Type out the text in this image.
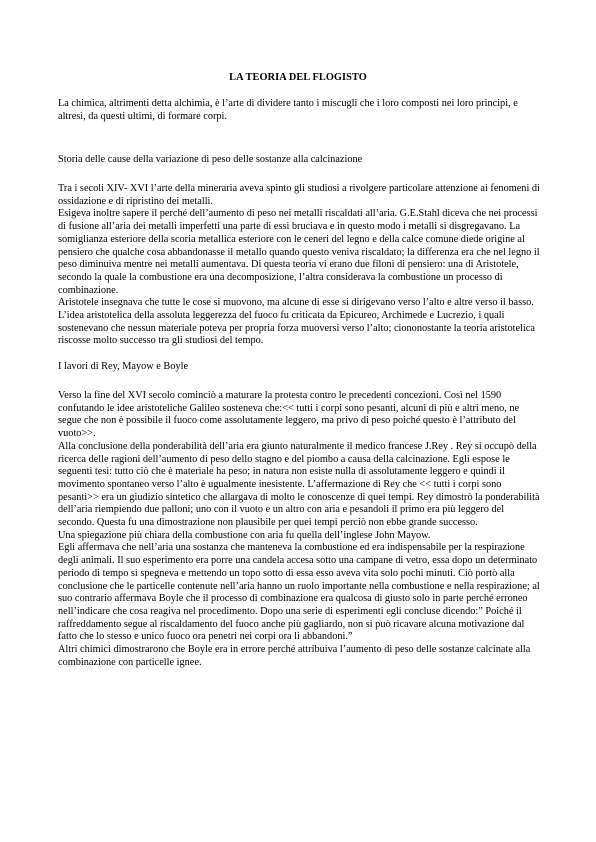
LA TEORIA DEL FLOGISTO

La chimica, altrimenti detta alchimia, è l’arte di dividere tanto i miscugli che i loro composti nei loro principi, e altresì, da questi ultimi, di formare corpi.

Storia delle cause della variazione di peso delle sostanze alla calcinazione

Tra i secoli XIV- XVI l’arte della mineraria aveva spinto gli studiosi a rivolgere particolare attenzione ai fenomeni di ossidazione e di ripristino dei metalli.

Esigeva inoltre sapere il perché dell’aumento di peso nei metalli riscaldati all’aria. G.E.Stahl diceva che nei processi di fusione all’aria dei metalli imperfetti una parte di essi bruciava e in questo modo i metalli si disgregavano. La somiglianza esteriore della scoria metallica esteriore con le ceneri del legno e della calce comune diede origine al pensiero che qualche cosa abbandonasse il metallo quando questo veniva riscaldato; la differenza era che nel legno il peso diminuiva mentre nei metalli aumentava. Di questa teoria vi erano due filoni di pensiero: una di Aristotele, secondo la quale la combustione era una decomposizione, l’altra considerava la combustione un processo di combinazione.

Aristotele insegnava che tutte le cose si muovono, ma alcune di esse si dirigevano verso l’alto e altre verso il basso. L’idea aristotelica della assoluta leggerezza del fuoco fu criticata da Epicureo, Archimede e Lucrezio, i quali sostenevano che nessun materiale poteva per propria forza muoversi verso l’alto; ciononostante la teoria aristotelica riscosse molto successo tra gli studiosi del tempo.

I lavori di Rey, Mayow e Boyle

Verso la fine del XVI secolo cominciò a maturare la protesta contro le precedenti concezioni. Così nel 1590 confutando le idee aristoteliche Galileo sosteneva che:<< tutti i corpi sono pesanti, alcuni di più e altri meno, ne segue che non è possibile il fuoco come assolutamente leggero, ma privo di peso poiché questo è l’attributo del vuoto>>.

Alla conclusione della ponderabilità dell’aria era giunto naturalmente il medico francese J.Rey . Rey si occupò della ricerca delle ragioni dell’aumento di peso dello stagno e del piombo a causa della calcinazione. Egli espose le seguenti tesi: tutto ciò che è materiale ha peso; in natura non esiste nulla di assolutamente leggero e quindi il movimento spontaneo verso l’alto è ugualmente inesistente. L’affermazione di Rey che << tutti i corpi sono pesanti>> era un giudizio sintetico che allargava di molto le conoscenze di quei tempi. Rey dimostrò la ponderabilità dell’aria riempiendo due palloni; uno con il vuoto e un altro con aria e pesandoli il primo era più leggero del secondo. Questa fu una dimostrazione non plausibile per quei tempi perciò non ebbe grande successo.

Una spiegazione più chiara della combustione con aria fu quella dell’inglese John Mayow.

Egli affermava che nell’aria una sostanza che manteneva la combustione ed era indispensabile per la respirazione degli animali. Il suo esperimento era porre una candela accesa sotto una campane di vetro, essa dopo un determinato periodo di tempo si spegneva e mettendo un topo sotto di essa esso aveva vita solo pochi minuti. Ciò portò alla conclusione che le particelle contenute nell’aria hanno un ruolo importante nella combustione e nella respirazione; al suo contrario affermava Boyle che il processo di combinazione era qualcosa di giusto solo in parte perché erroneo nell’indicare che cosa reagiva nel procedimento. Dopo una serie di esperimenti egli concluse dicendo:” Poiché il raffreddamento segue al riscaldamento del fuoco anche più gagliardo, non si può ricavare alcuna motivazione dal fatto che lo stesso e unico fuoco ora penetri nei corpi ora li abbandoni.”

Altri chimici dimostrarono che Boyle era in errore perché attribuiva l’aumento di peso delle sostanze calcinate alla combinazione con particelle ignee.
